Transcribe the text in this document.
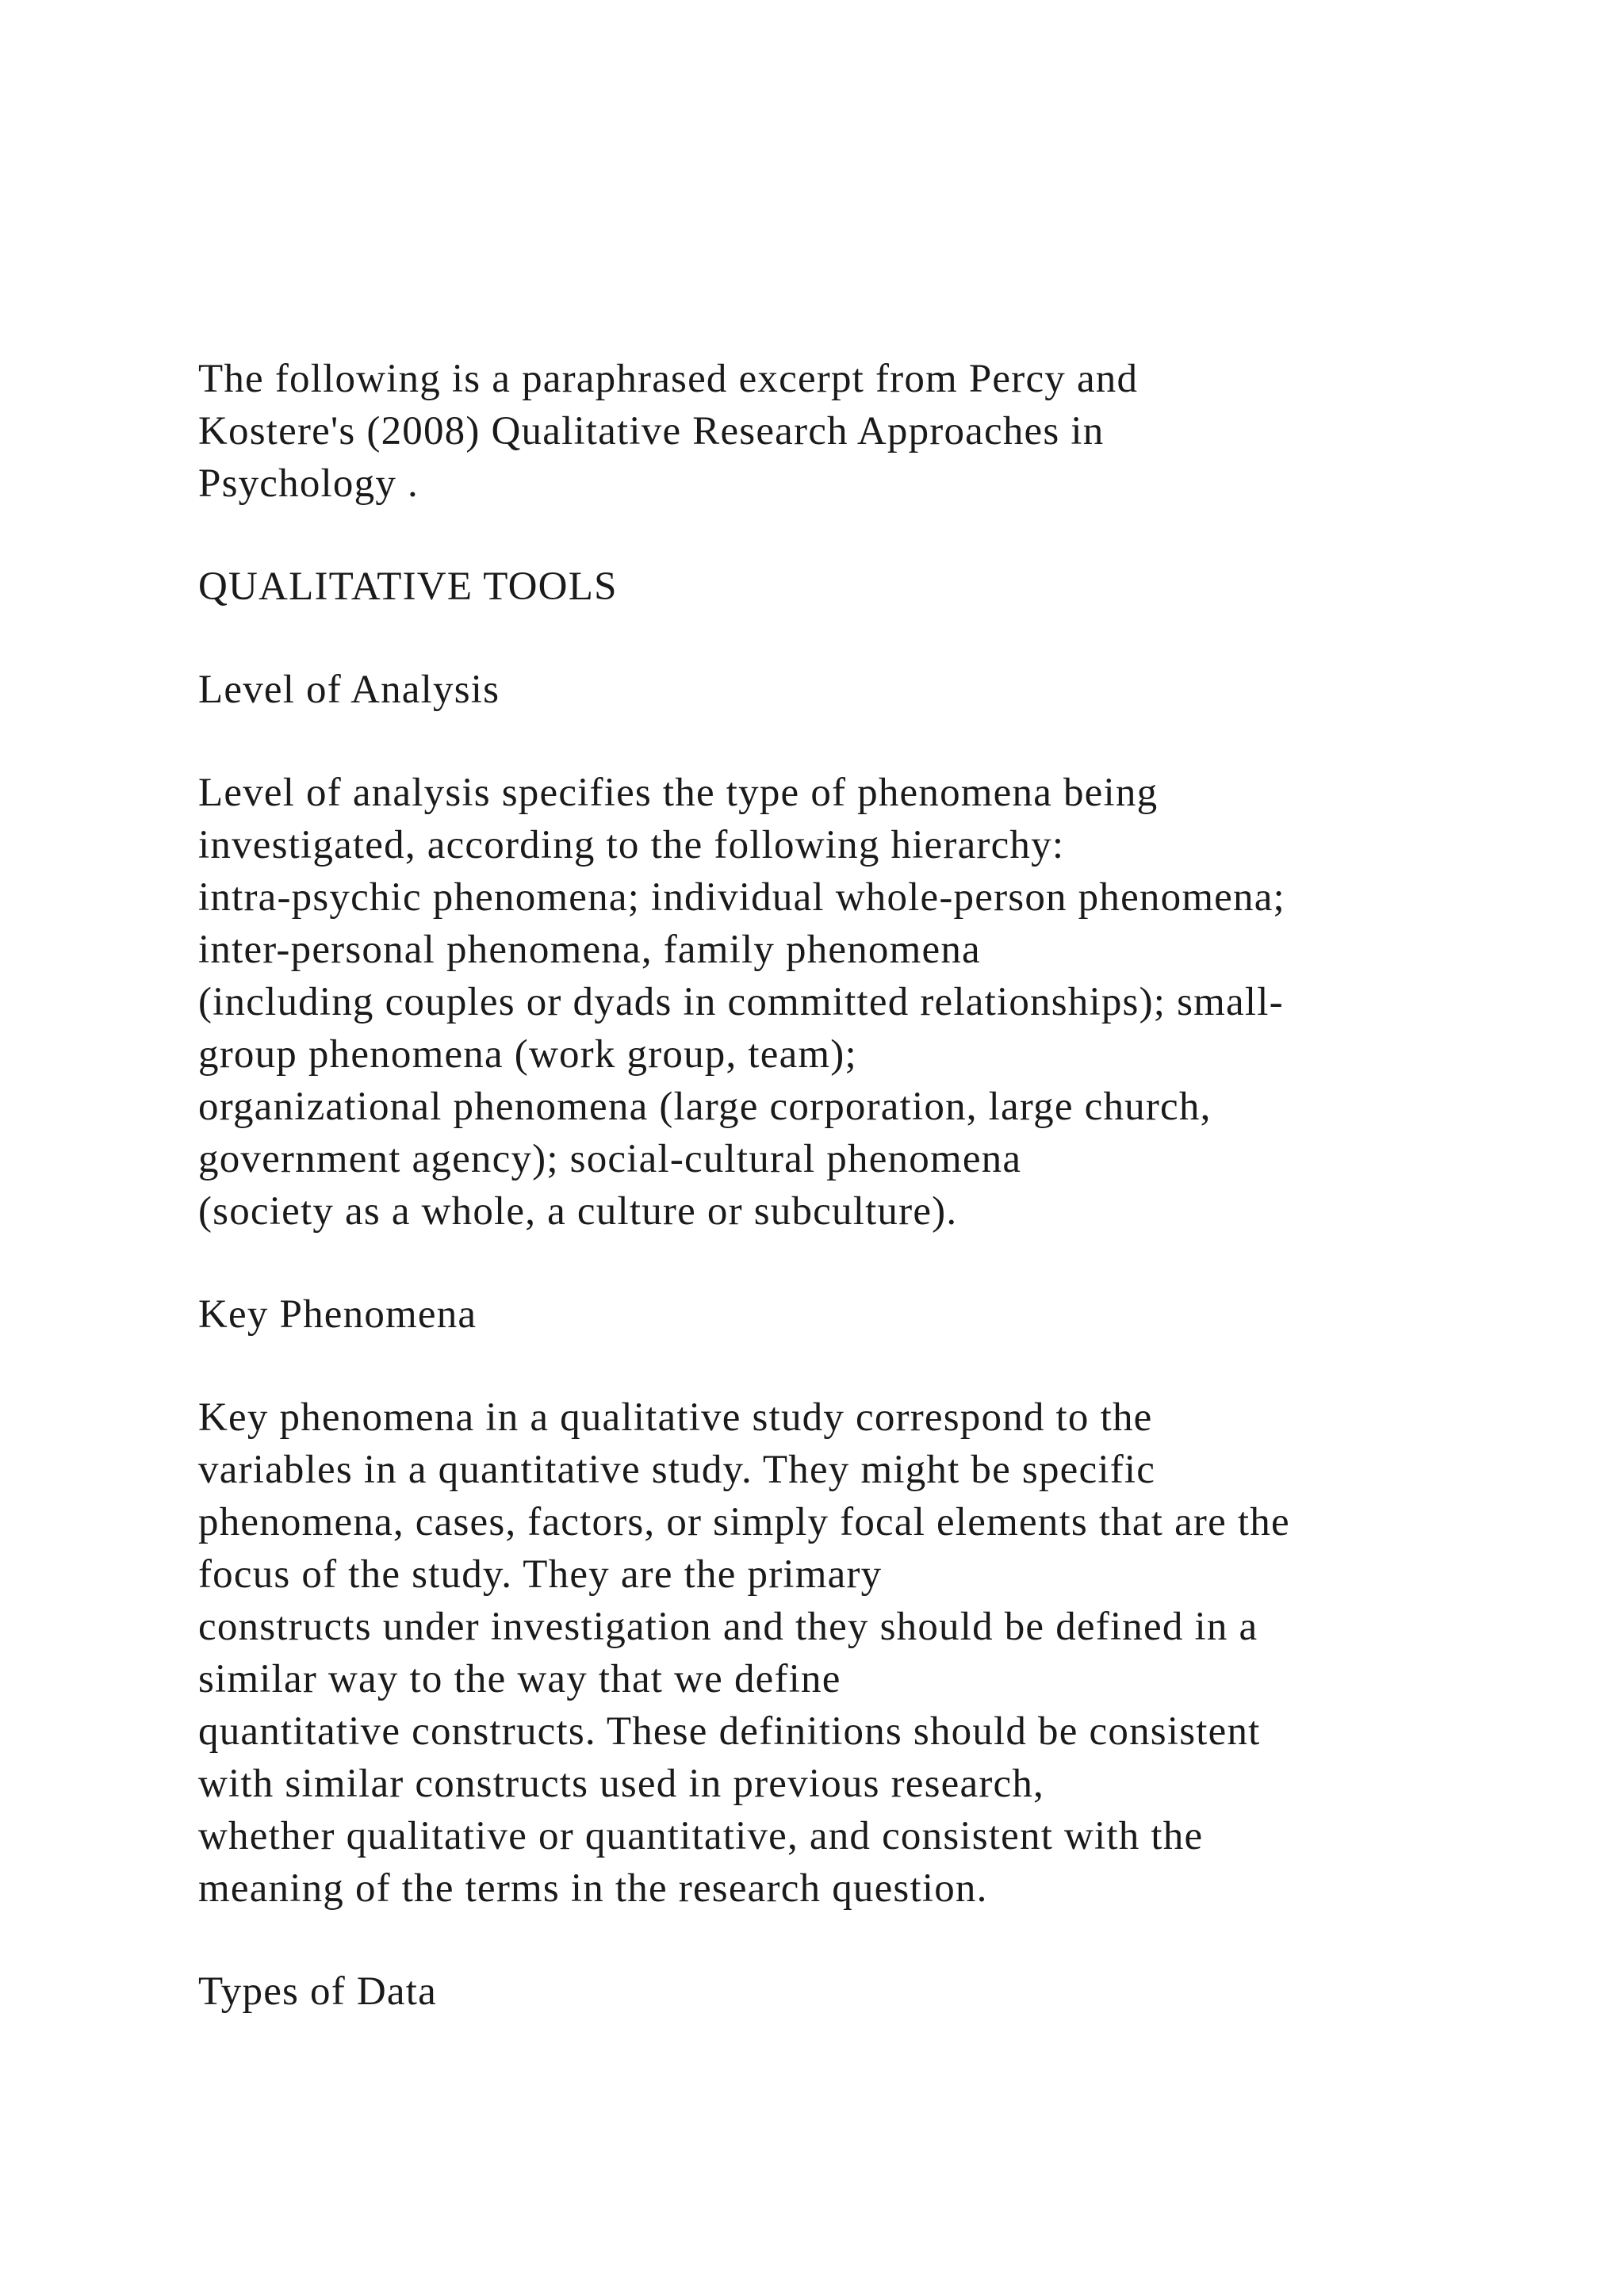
The following is a paraphrased excerpt from Percy and
Kostere's (2008) Qualitative Research Approaches in
Psychology .
QUALITATIVE TOOLS
Level of Analysis
Level of analysis specifies the type of phenomena being
investigated, according to the following hierarchy:
intra-psychic phenomena; individual whole-person phenomena;
inter-personal phenomena, family phenomena
(including couples or dyads in committed relationships); small-
group phenomena (work group, team);
organizational phenomena (large corporation, large church,
government agency); social-cultural phenomena
(society as a whole, a culture or subculture).
Key Phenomena
Key phenomena in a qualitative study correspond to the
variables in a quantitative study. They might be specific
phenomena, cases, factors, or simply focal elements that are the
focus of the study. They are the primary
constructs under investigation and they should be defined in a
similar way to the way that we define
quantitative constructs. These definitions should be consistent
with similar constructs used in previous research,
whether qualitative or quantitative, and consistent with the
meaning of the terms in the research question.
Types of Data
